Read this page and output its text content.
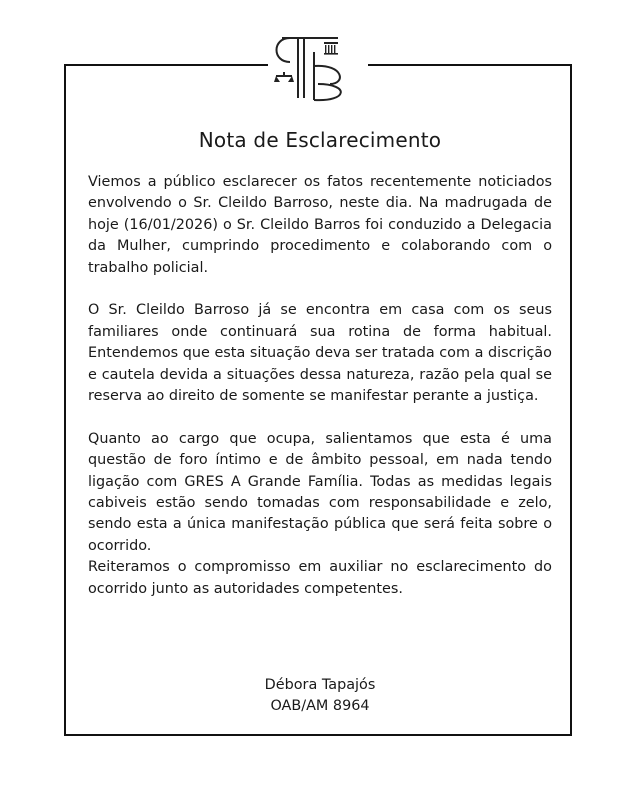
Nota de Esclarecimento

Viemos a público esclarecer os fatos recentemente noticiados envolvendo o Sr. Cleildo Barroso, neste dia. Na madrugada de hoje (16/01/2026) o Sr. Cleildo Barros foi conduzido a Delegacia da Mulher, cumprindo procedimento e colaborando com o trabalho policial.

O Sr. Cleildo Barroso já se encontra em casa com os seus familiares onde continuará sua rotina de forma habitual. Entendemos que esta situação deva ser tratada com a discrição e cautela devida a situações dessa natureza, razão pela qual se reserva ao direito de somente se manifestar perante a justiça.

Quanto ao cargo que ocupa, salientamos que esta é uma questão de foro íntimo e de âmbito pessoal, em nada tendo ligação com GRES A Grande Família. Todas as medidas legais cabiveis estão sendo tomadas com responsabilidade e zelo, sendo esta a única manifestação pública que será feita sobre o ocorrido.

Reiteramos o compromisso em auxiliar no esclarecimento do ocorrido junto as autoridades competentes.

Débora Tapajós
OAB/AM 8964
